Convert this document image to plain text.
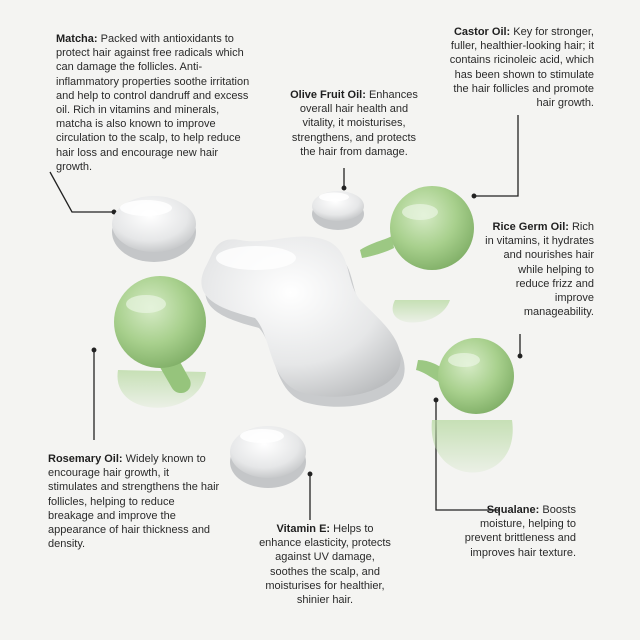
Matcha: Packed with antioxidants to protect hair against free radicals which can damage the follicles. Anti-inflammatory properties soothe irritation and help to control dandruff and excess oil. Rich in vitamins and minerals, matcha is also known to improve circulation to the scalp, to help reduce hair loss and encourage new hair growth.

Olive Fruit Oil: Enhances overall hair health and vitality, it moisturises, strengthens, and protects the hair from damage.

Castor Oil: Key for stronger, fuller, healthier-looking hair; it contains ricinoleic acid, which has been shown to stimulate the hair follicles and promote hair growth.

Rice Germ Oil: Rich in vitamins, it hydrates and nourishes hair while helping to reduce frizz and improve manageability.

Rosemary Oil: Widely known to encourage hair growth, it stimulates and strengthens the hair follicles, helping to reduce breakage and improve the appearance of hair thickness and density.

Vitamin E: Helps to enhance elasticity, protects against UV damage, soothes the scalp, and moisturises for healthier, shinier hair.

Squalane: Boosts moisture, helping to prevent brittleness and improves hair texture.
